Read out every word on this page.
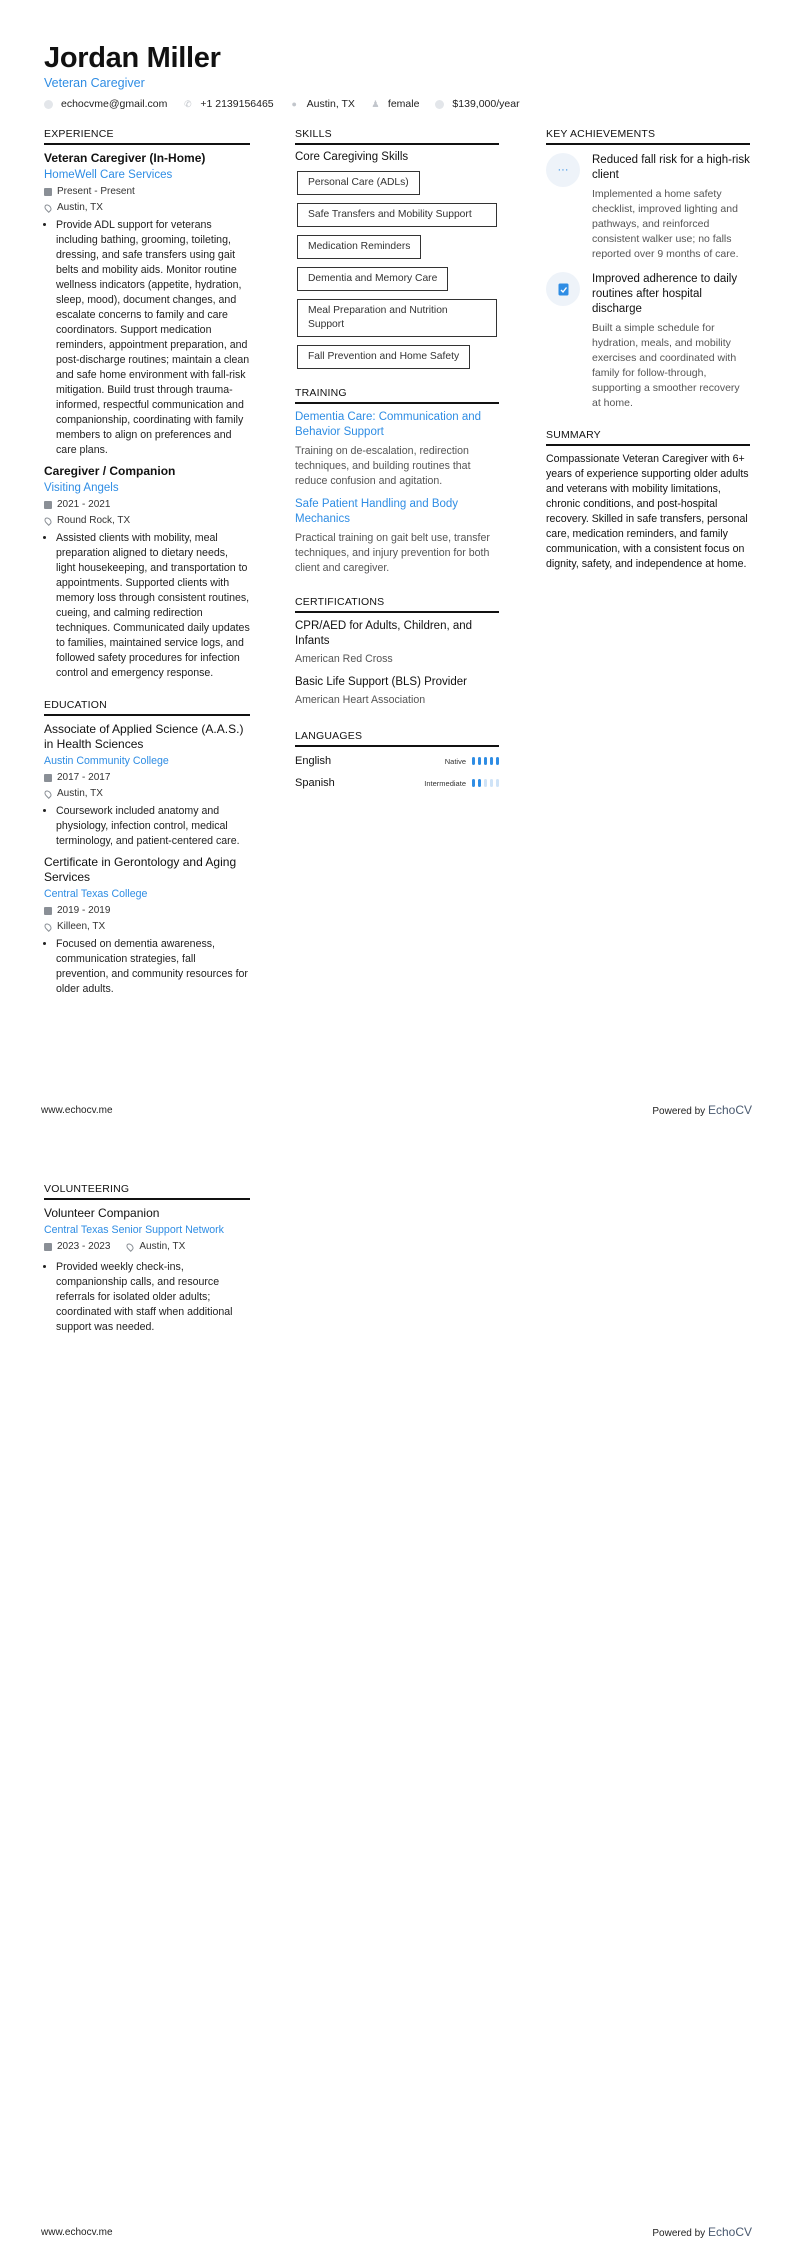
Jordan Miller
Veteran Caregiver
echocvme@gmail.com ✆ +1 2139156465 ● Austin, TX ♟ female	$139,000/year
EXPERIENCE
Veteran Caregiver (In-Home)
HomeWell Care Services
Present - Present
Austin, TX
• Provide ADL support for veterans including bathing, grooming, toileting, dressing, and safe transfers using gait belts and mobility aids. Monitor routine wellness indicators (appetite, hydration, sleep, mood), document changes, and escalate concerns to family and care coordinators. Support medication reminders, appointment preparation, and post-discharge routines; maintain a clean and safe home environment with fall-risk mitigation. Build trust through trauma-informed, respectful communication and companionship, coordinating with family members to align on preferences and care plans.
Caregiver / Companion
Visiting Angels
2021 - 2021
Round Rock, TX
• Assisted clients with mobility, meal preparation aligned to dietary needs, light housekeeping, and transportation to appointments. Supported clients with memory loss through consistent routines, cueing, and calming redirection techniques. Communicated daily updates to families, maintained service logs, and followed safety procedures for infection control and emergency response.
EDUCATION
Associate of Applied Science (A.A.S.) in Health Sciences
Austin Community College
2017 - 2017
Austin, TX
• Coursework included anatomy and physiology, infection control, medical terminology, and patient-centered care.
Certificate in Gerontology and Aging Services
Central Texas College
2019 - 2019
Killeen, TX
• Focused on dementia awareness, communication strategies, fall prevention, and community resources for older adults.
SKILLS
Core Caregiving Skills
Personal Care (ADLs)
Safe Transfers and Mobility Support
Medication Reminders
Dementia and Memory Care
Meal Preparation and Nutrition Support
Fall Prevention and Home Safety
TRAINING
Dementia Care: Communication and Behavior Support
Training on de-escalation, redirection techniques, and building routines that reduce confusion and agitation.
Safe Patient Handling and Body Mechanics
Practical training on gait belt use, transfer techniques, and injury prevention for both client and caregiver.
CERTIFICATIONS
CPR/AED for Adults, Children, and Infants
American Red Cross
Basic Life Support (BLS) Provider
American Heart Association
LANGUAGES
English	Native
Spanish	Intermediate
KEY ACHIEVEMENTS
···
Reduced fall risk for a high-risk client
Implemented a home safety checklist, improved lighting and pathways, and reinforced consistent walker use; no falls reported over 9 months of care.
Improved adherence to daily routines after hospital discharge
Built a simple schedule for hydration, meals, and mobility exercises and coordinated with family for follow-through, supporting a smoother recovery at home.
SUMMARY
Compassionate Veteran Caregiver with 6+ years of experience supporting older adults and veterans with mobility limitations, chronic conditions, and post-hospital recovery. Skilled in safe transfers, personal care, medication reminders, and family communication, with a consistent focus on dignity, safety, and independence at home.
www.echocv.me	Powered by EchoCV
VOLUNTEERING
Volunteer Companion
Central Texas Senior Support Network
2023 - 2023	Austin, TX
• Provided weekly check-ins, companionship calls, and resource referrals for isolated older adults; coordinated with staff when additional support was needed.
www.echocv.me	Powered by EchoCV
